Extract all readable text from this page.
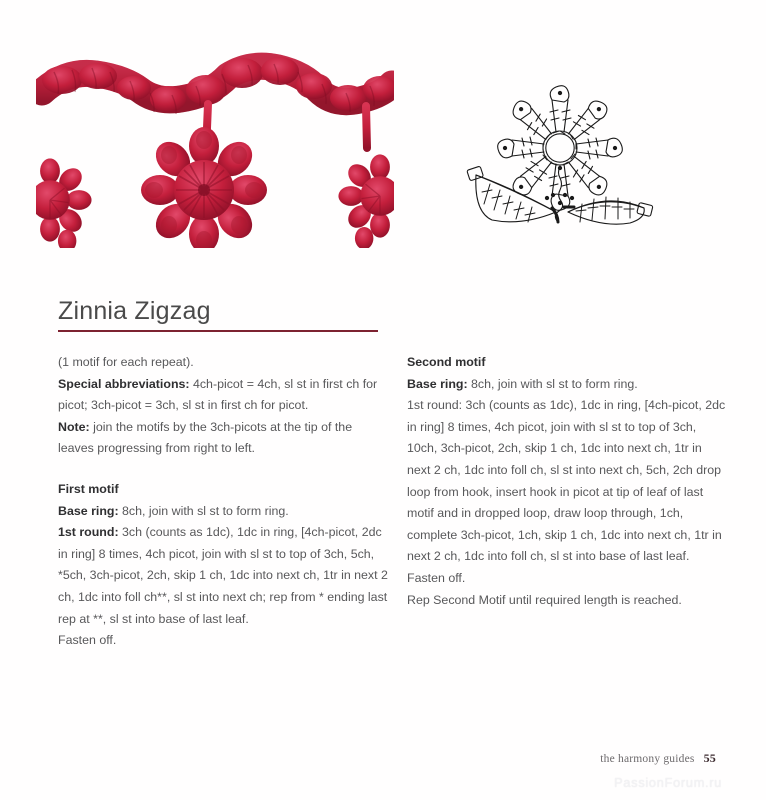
Zinnia Zigzag

(1 motif for each repeat).

Special abbreviations: 4ch-picot = 4ch, sl st in first ch for picot; 3ch-picot = 3ch, sl st in first ch for picot.

Note: join the motifs by the 3ch-picots at the tip of the leaves progressing from right to left.

First motif

Base ring: 8ch, join with sl st to form ring.

1st round: 3ch (counts as 1dc), 1dc in ring, [4ch-picot, 2dc in ring] 8 times, 4ch picot, join with sl st to top of 3ch, 5ch, *5ch, 3ch-picot, 2ch, skip 1 ch, 1dc into next ch, 1tr in next 2 ch, 1dc into foll ch**, sl st into next ch; rep from * ending last rep at **, sl st into base of last leaf.

Fasten off.

Second motif

Base ring: 8ch, join with sl st to form ring.

1st round: 3ch (counts as 1dc), 1dc in ring, [4ch-picot, 2dc in ring] 8 times, 4ch picot, join with sl st to top of 3ch, 10ch, 3ch-picot, 2ch, skip 1 ch, 1dc into next ch, 1tr in next 2 ch, 1dc into foll ch, sl st into next ch, 5ch, 2ch drop loop from hook, insert hook in picot at tip of leaf of last motif and in dropped loop, draw loop through, 1ch, complete 3ch-picot, 1ch, skip 1 ch, 1dc into next ch, 1tr in next 2 ch, 1dc into foll ch, sl st into base of last leaf.

Fasten off.

Rep Second Motif until required length is reached.

the harmony guides 55
PassionForum.ru
